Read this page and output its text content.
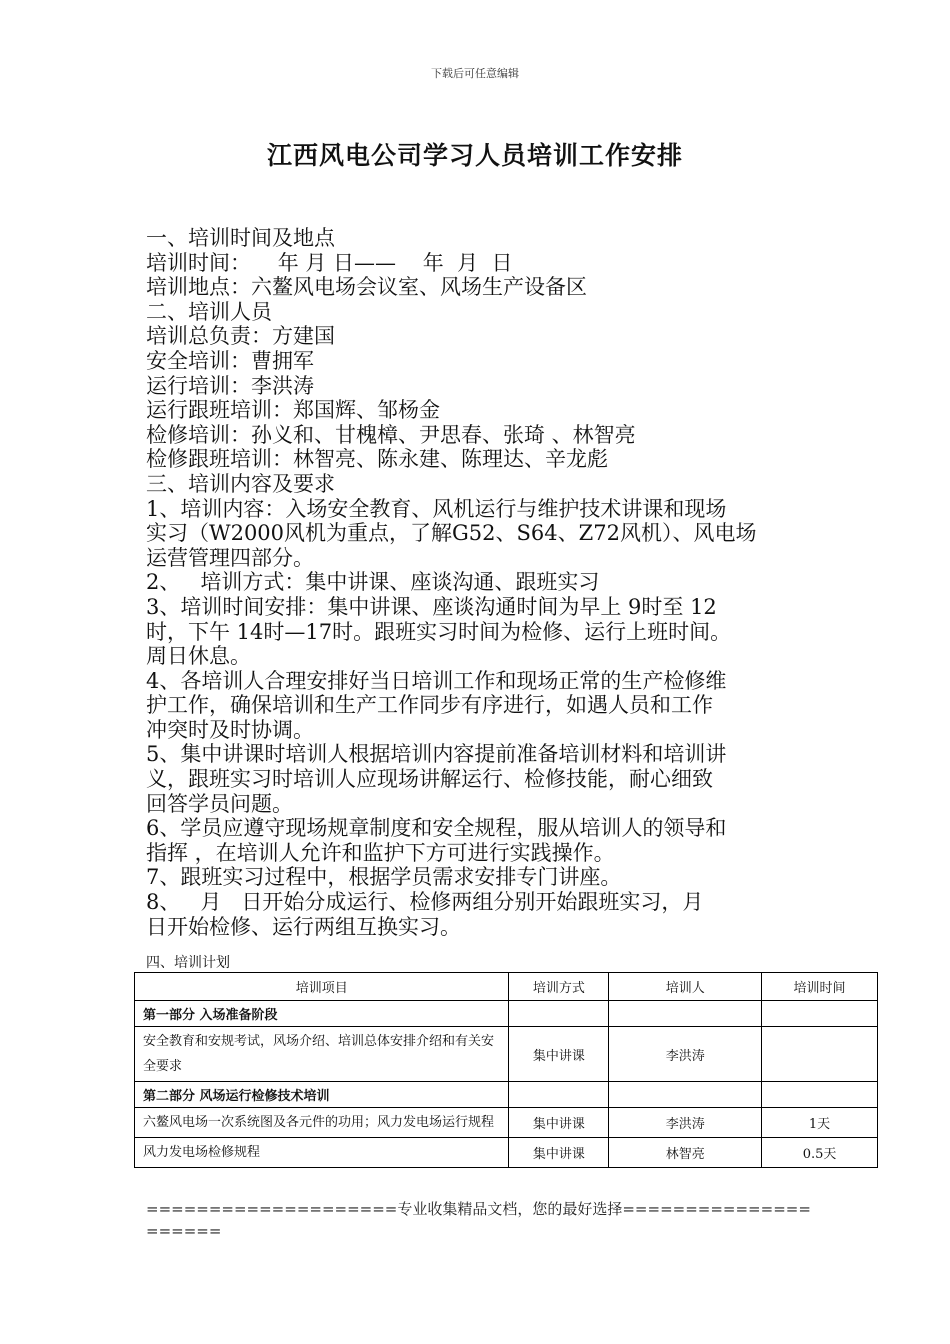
下载后可任意编辑
江西风电公司学习人员培训工作安排
一、培训时间及地点
培训时间：    年 月 日——    年  月  日
培训地点：六鳌风电场会议室、风场生产设备区
二、培训人员
培训总负责：方建国
安全培训：曹拥军
运行培训：李洪涛
运行跟班培训：郑国辉、邹杨金
检修培训：孙义和、甘槐樟、尹思春、张琦 、林智亮
检修跟班培训：林智亮、陈永建、陈理达、辛龙彪
三、培训内容及要求
1、培训内容：入场安全教育、风机运行与维护技术讲课和现场
实习（W2000风机为重点，了解G52、S64、Z72风机）、风电场
运营管理四部分。
2、   培训方式：集中讲课、座谈沟通、跟班实习
3、培训时间安排：集中讲课、座谈沟通时间为早上 9时至 12
时，下午 14时—17时。跟班实习时间为检修、运行上班时间。
周日休息。
4、各培训人合理安排好当日培训工作和现场正常的生产检修维
护工作，确保培训和生产工作同步有序进行，如遇人员和工作
冲突时及时协调。
5、集中讲课时培训人根据培训内容提前准备培训材料和培训讲
义，跟班实习时培训人应现场讲解运行、检修技能，耐心细致
回答学员问题。
6、学员应遵守现场规章制度和安全规程，服从培训人的领导和
指挥 ，在培训人允许和监护下方可进行实践操作。
7、跟班实习过程中，根据学员需求安排专门讲座。
8、   月   日开始分成运行、检修两组分别开始跟班实习，月
日开始检修、运行两组互换实习。
四、培训计划
培训项目	培训方式	培训人	培训时间
第一部分 入场准备阶段			
安全教育和安规考试，风场介绍、培训总体安排介绍和有关安全要求	集中讲课	李洪涛	
第二部分 风场运行检修技术培训			
六鳌风电场一次系统图及各元件的功用；风力发电场运行规程	集中讲课	李洪涛	1天
风力发电场检修规程	集中讲课	林智亮	0.5天
====================专业收集精品文档，您的最好选择=====================
